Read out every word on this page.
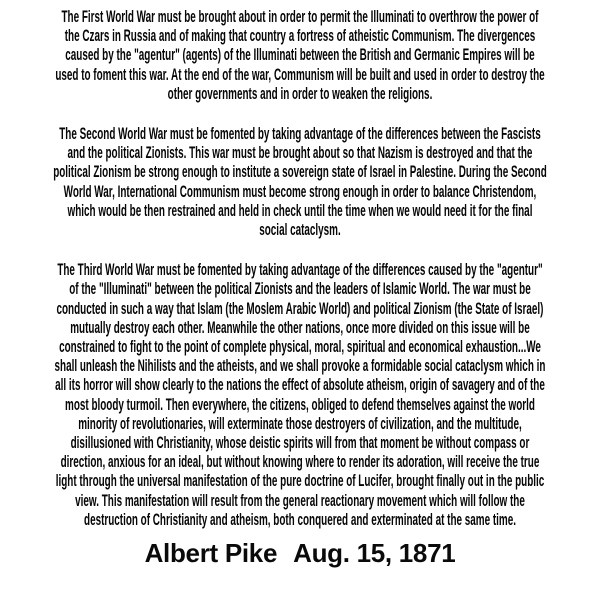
The First World War must be brought about in order to permit the Illuminati to overthrow the power of
the Czars in Russia and of making that country a fortress of atheistic Communism. The divergences
caused by the "agentur" (agents) of the Illuminati between the British and Germanic Empires will be
used to foment this war. At the end of the war, Communism will be built and used in order to destroy the
other governments and in order to weaken the religions.
The Second World War must be fomented by taking advantage of the differences between the Fascists
and the political Zionists. This war must be brought about so that Nazism is destroyed and that the
political Zionism be strong enough to institute a sovereign state of Israel in Palestine. During the Second
World War, International Communism must become strong enough in order to balance Christendom,
which would be then restrained and held in check until the time when we would need it for the final
social cataclysm.
The Third World War must be fomented by taking advantage of the differences caused by the "agentur"
of the "Illuminati" between the political Zionists and the leaders of Islamic World. The war must be
conducted in such a way that Islam (the Moslem Arabic World) and political Zionism (the State of Israel)
mutually destroy each other. Meanwhile the other nations, once more divided on this issue will be
constrained to fight to the point of complete physical, moral, spiritual and economical exhaustion...We
shall unleash the Nihilists and the atheists, and we shall provoke a formidable social cataclysm which in
all its horror will show clearly to the nations the effect of absolute atheism, origin of savagery and of the
most bloody turmoil. Then everywhere, the citizens, obliged to defend themselves against the world
minority of revolutionaries, will exterminate those destroyers of civilization, and the multitude,
disillusioned with Christianity, whose deistic spirits will from that moment be without compass or
direction, anxious for an ideal, but without knowing where to render its adoration, will receive the true
light through the universal manifestation of the pure doctrine of Lucifer, brought finally out in the public
view. This manifestation will result from the general reactionary movement which will follow the
destruction of Christianity and atheism, both conquered and exterminated at the same time.
Albert Pike Aug. 15, 1871
